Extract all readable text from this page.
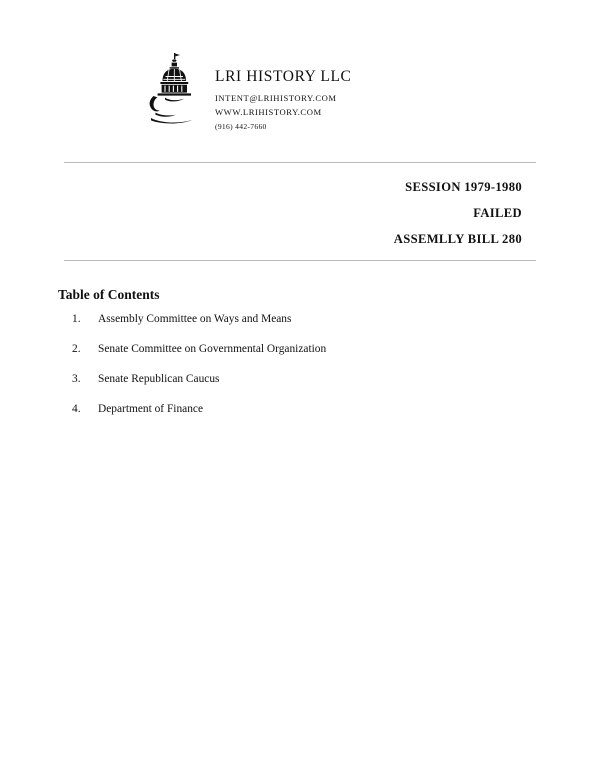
LRI HISTORY LLC
INTENT@LRIHISTORY.COM
WWW.LRIHISTORY.COM
(916) 442-7660
SESSION 1979-1980
FAILED
ASSEMLLY BILL 280
Table of Contents
Assembly Committee on Ways and Means
Senate Committee on Governmental Organization
Senate Republican Caucus
Department of Finance
